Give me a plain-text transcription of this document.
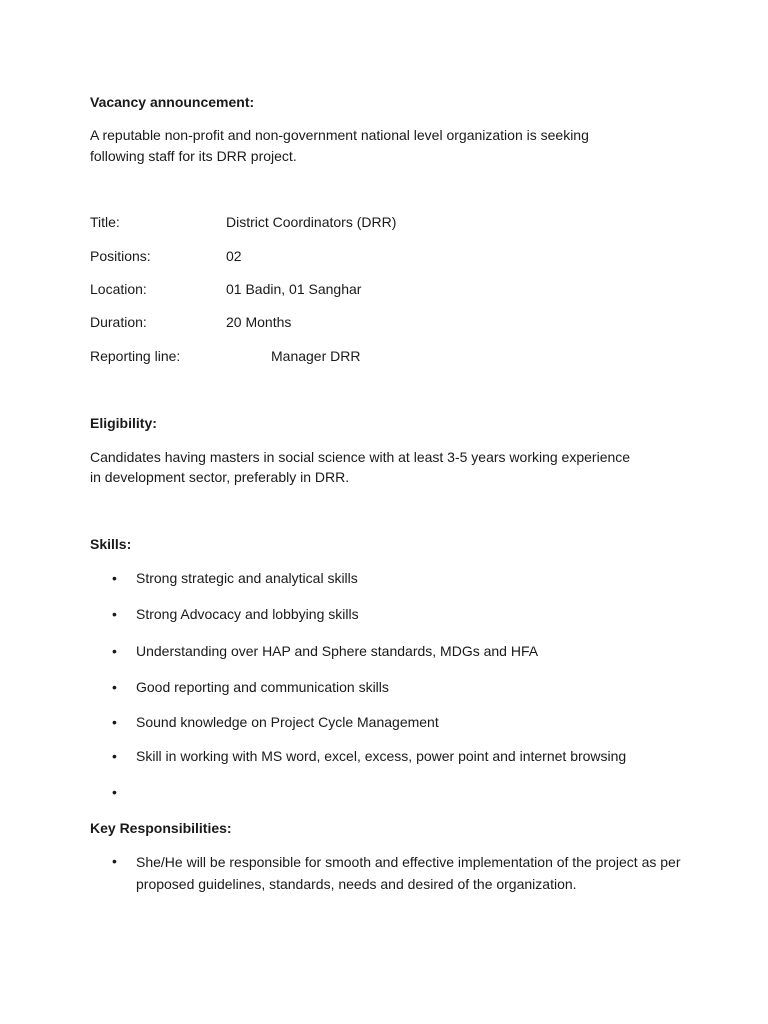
Vacancy announcement:
A reputable non-profit and non-government national level organization is seeking
following staff for its DRR project.
Title:	District Coordinators (DRR)
Positions:	02
Location:	01 Badin, 01 Sanghar
Duration:	20 Months
Reporting line:	Manager DRR
Eligibility:
Candidates having masters in social science with at least 3-5 years working experience
in development sector, preferably in DRR.
Skills:
• Strong strategic and analytical skills
• Strong Advocacy and lobbying skills
• Understanding over HAP and Sphere standards, MDGs and HFA
• Good reporting and communication skills
• Sound knowledge on Project Cycle Management
• Skill in working with MS word, excel, excess, power point and internet browsing
•
Key Responsibilities:
• She/He will be responsible for smooth and effective implementation of the project as per proposed guidelines, standards, needs and desired of the organization.
